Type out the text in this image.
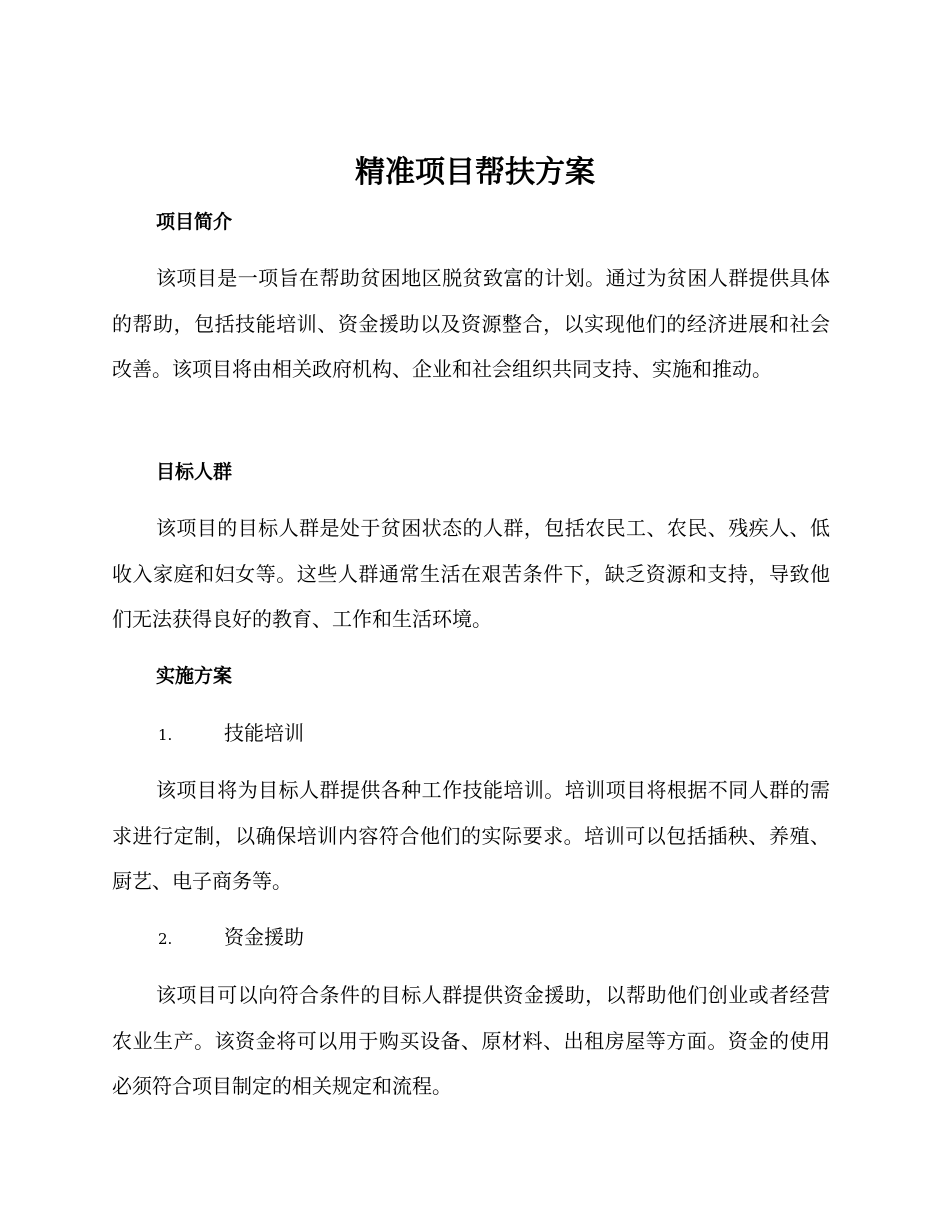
精准项目帮扶方案
项目简介

该项目是一项旨在帮助贫困地区脱贫致富的计划。通过为贫困人群提供具体的帮助，包括技能培训、资金援助以及资源整合，以实现他们的经济进展和社会改善。该项目将由相关政府机构、企业和社会组织共同支持、实施和推动。

目标人群

该项目的目标人群是处于贫困状态的人群，包括农民工、农民、残疾人、低收入家庭和妇女等。这些人群通常生活在艰苦条件下，缺乏资源和支持，导致他们无法获得良好的教育、工作和生活环境。

实施方案
1.	技能培训

该项目将为目标人群提供各种工作技能培训。培训项目将根据不同人群的需求进行定制，以确保培训内容符合他们的实际要求。培训可以包括插秧、养殖、厨艺、电子商务等。

2.	资金援助

该项目可以向符合条件的目标人群提供资金援助，以帮助他们创业或者经营农业生产。该资金将可以用于购买设备、原材料、出租房屋等方面。资金的使用必须符合项目制定的相关规定和流程。
